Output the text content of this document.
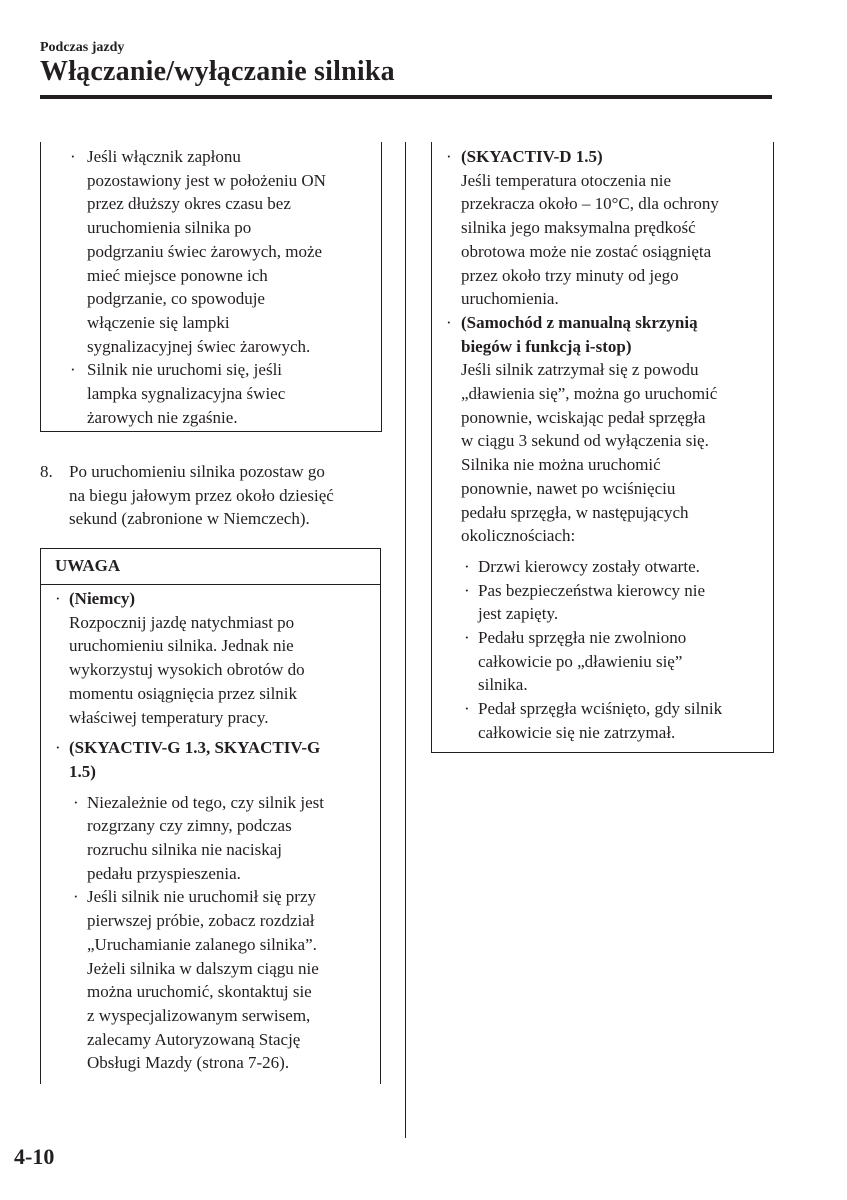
Podczas jazdy
Włączanie/wyłączanie silnika
· Jeśli włącznik zapłonu
pozostawiony jest w położeniu ON
przez dłuższy okres czasu bez
uruchomienia silnika po
podgrzaniu świec żarowych, może
mieć miejsce ponowne ich
podgrzanie, co spowoduje
włączenie się lampki
sygnalizacyjnej świec żarowych.
· Silnik nie uruchomi się, jeśli
lampka sygnalizacyjna świec
żarowych nie zgaśnie.
8. Po uruchomieniu silnika pozostaw go
na biegu jałowym przez około dziesięć
sekund (zabronione w Niemczech).
UWAGA
· (Niemcy)
Rozpocznij jazdę natychmiast po
uruchomieniu silnika. Jednak nie
wykorzystuj wysokich obrotów do
momentu osiągnięcia przez silnik
właściwej temperatury pracy.
· (SKYACTIV-G 1.3, SKYACTIV-G
1.5)
· Niezależnie od tego, czy silnik jest
rozgrzany czy zimny, podczas
rozruchu silnika nie naciskaj
pedału przyspieszenia.
· Jeśli silnik nie uruchomił się przy
pierwszej próbie, zobacz rozdział
„Uruchamianie zalanego silnika”.
Jeżeli silnika w dalszym ciągu nie
można uruchomić, skontaktuj sie
z wyspecjalizowanym serwisem,
zalecamy Autoryzowaną Stację
Obsługi Mazdy (strona 7-26).
· (SKYACTIV-D 1.5)
Jeśli temperatura otoczenia nie
przekracza około – 10°C, dla ochrony
silnika jego maksymalna prędkość
obrotowa może nie zostać osiągnięta
przez około trzy minuty od jego
uruchomienia.
· (Samochód z manualną skrzynią
biegów i funkcją i-stop)
Jeśli silnik zatrzymał się z powodu
„dławienia się”, można go uruchomić
ponownie, wciskając pedał sprzęgła
w ciągu 3 sekund od wyłączenia się.
Silnika nie można uruchomić
ponownie, nawet po wciśnięciu
pedału sprzęgła, w następujących
okolicznościach:
· Drzwi kierowcy zostały otwarte.
· Pas bezpieczeństwa kierowcy nie
jest zapięty.
· Pedału sprzęgła nie zwolniono
całkowicie po „dławieniu się”
silnika.
· Pedał sprzęgła wciśnięto, gdy silnik
całkowicie się nie zatrzymał.
4-10
